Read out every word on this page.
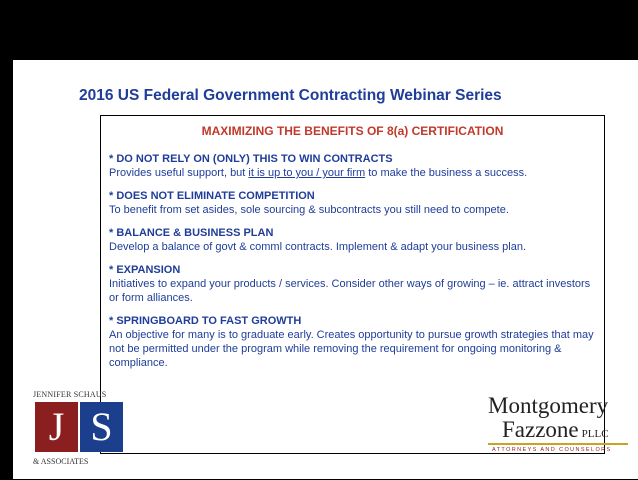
2016 US Federal Government Contracting Webinar Series
MAXIMIZING THE BENEFITS OF 8(a) CERTIFICATION
* DO NOT RELY ON (ONLY) THIS TO WIN CONTRACTS
Provides useful support, but it is up to you / your firm to make the business a success.
* DOES NOT ELIMINATE COMPETITION
To benefit from set asides, sole sourcing & subcontracts you still need to compete.
* BALANCE & BUSINESS PLAN
Develop a balance of govt & comml contracts. Implement & adapt your business plan.
* EXPANSION
Initiatives to expand your products / services. Consider other ways of growing – ie. attract investors or form alliances.
* SPRINGBOARD TO FAST GROWTH
An objective for many is to graduate early. Creates opportunity to pursue growth strategies that may not be permitted under the program while removing the requirement for ongoing monitoring & compliance.
JENNIFER SCHAUS
J S
& ASSOCIATES
Montgomery
Fazzone PLLC
ATTORNEYS AND COUNSELORS
